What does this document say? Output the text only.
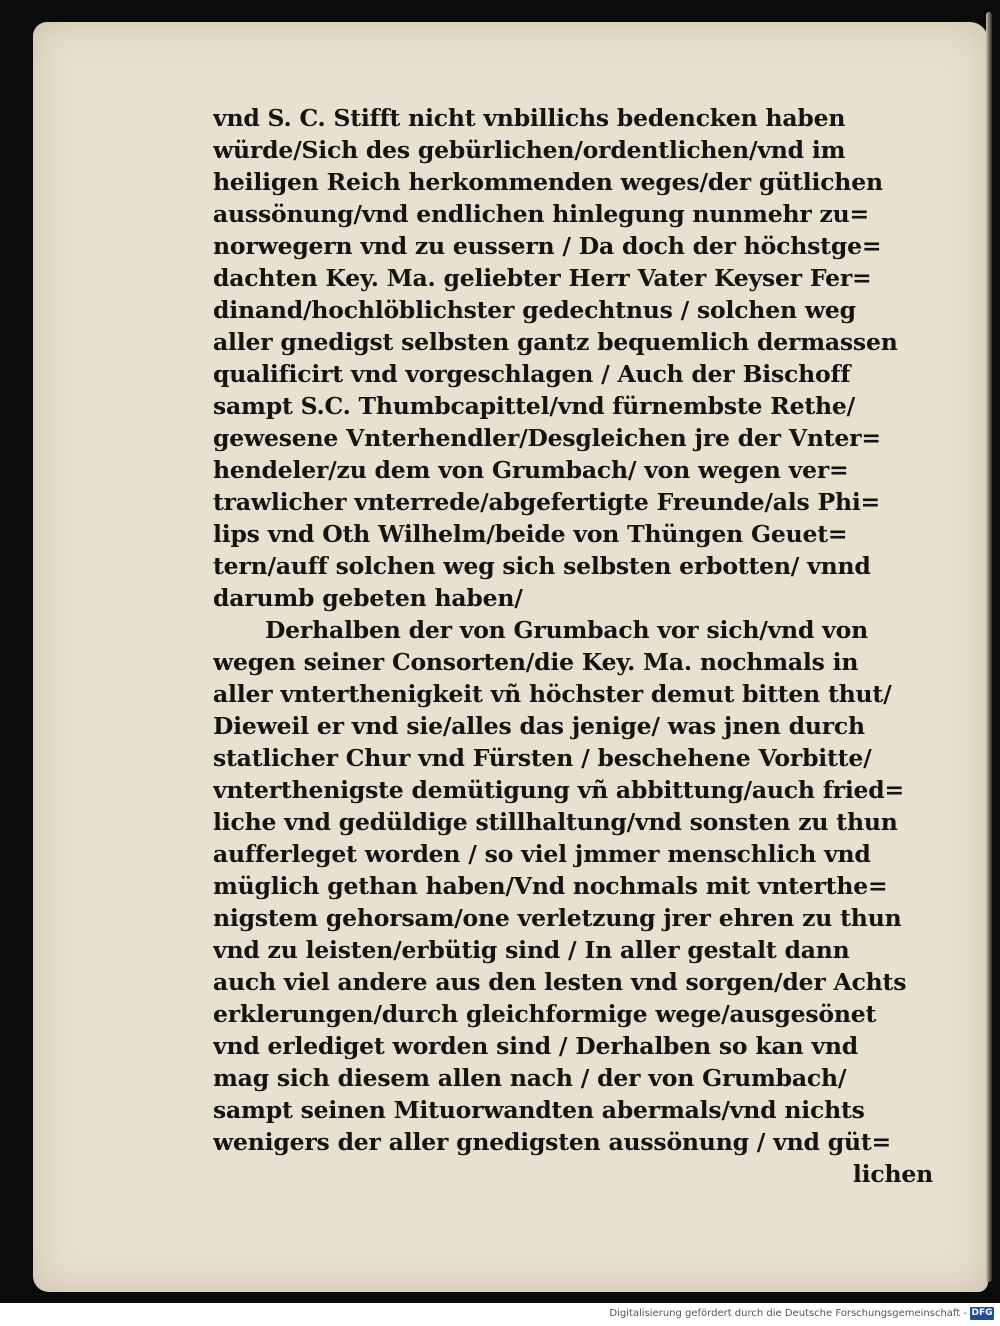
vnd S. C. Stifft nicht vnbillichs bedencken haben
würde/Sich des gebürlichen/ordentlichen/vnd im
heiligen Reich herkommenden weges/der gütlichen
aussönung/vnd endlichen hinlegung nunmehr zu=
norwegern vnd zu eussern / Da doch der höchstge=
dachten Key. Ma. geliebter Herr Vater Keyser Fer=
dinand/hochlöblichster gedechtnus / solchen weg
aller gnedigst selbsten gantz bequemlich dermassen
qualificirt vnd vorgeschlagen / Auch der Bischoff
sampt S.C. Thumbcapittel/vnd fürnembste Rethe/
gewesene Vnterhendler/Desgleichen jre der Vnter=
hendeler/zu dem von Grumbach/ von wegen ver=
trawlicher vnterrede/abgefertigte Freunde/als Phi=
lips vnd Oth Wilhelm/beide von Thüngen Geuet=
tern/auff solchen weg sich selbsten erbotten/ vnnd
darumb gebeten haben/
Derhalben der von Grumbach vor sich/vnd von
wegen seiner Consorten/die Key. Ma. nochmals in
aller vnterthenigkeit vñ höchster demut bitten thut/
Dieweil er vnd sie/alles das jenige/ was jnen durch
statlicher Chur vnd Fürsten / beschehene Vorbitte/
vnterthenigste demütigung vñ abbittung/auch fried=
liche vnd gedüldige stillhaltung/vnd sonsten zu thun
aufferleget worden / so viel jmmer menschlich vnd
müglich gethan haben/Vnd nochmals mit vnterthe=
nigstem gehorsam/one verletzung jrer ehren zu thun
vnd zu leisten/erbütig sind / In aller gestalt dann
auch viel andere aus den lesten vnd sorgen/der Achts
erklerungen/durch gleichformige wege/ausgesönet
vnd erlediget worden sind / Derhalben so kan vnd
mag sich diesem allen nach / der von Grumbach/
sampt seinen Mituorwandten abermals/vnd nichts
wenigers der aller gnedigsten aussönung / vnd güt=
lichen
Digitalisierung gefördert durch die Deutsche Forschungsgemeinschaft - DFG
